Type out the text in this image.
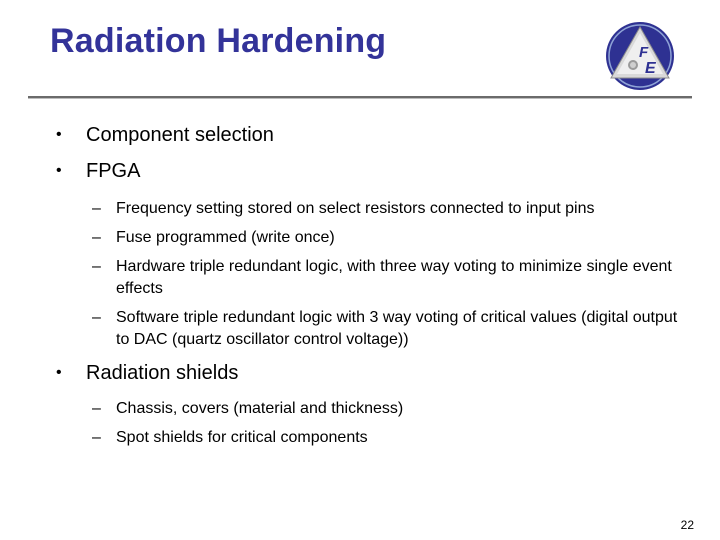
Radiation Hardening	F
E
• Component selection
• FPGA
– Frequency setting stored on select resistors connected to input pins
– Fuse programmed (write once)
– Hardware triple redundant logic, with three way voting to minimize single event effects
– Software triple redundant logic with 3 way voting of critical values (digital output to DAC (quartz oscillator control voltage))
• Radiation shields
– Chassis, covers (material and thickness)
– Spot shields for critical components
22
